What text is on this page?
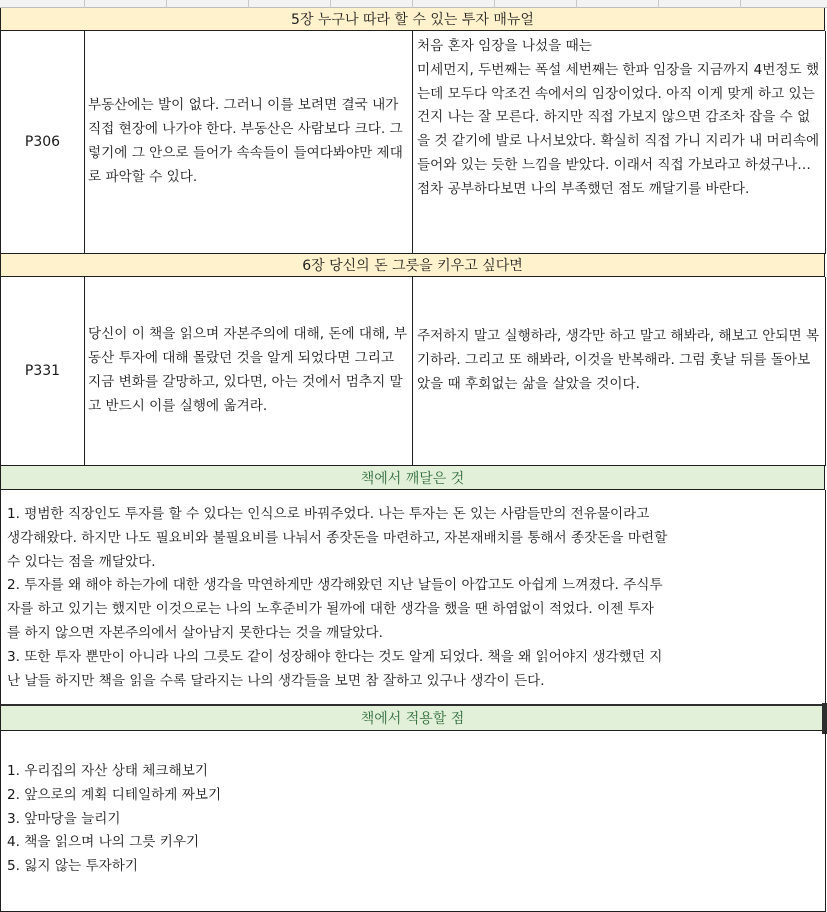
5장 누구나 따라 할 수 있는 투자 매뉴얼
P306
부동산에는 발이 없다. 그러니 이를 보려면 결국 내가 직접 현장에 나가야 한다. 부동산은 사람보다 크다. 그렇기에 그 안으로 들어가 속속들이 들여다봐야만 제대로 파악할 수 있다.
처음 혼자 임장을 나섰을 때는
미세먼지, 두번째는 폭설 세번째는 한파 임장을 지금까지 4번정도 했는데 모두다 악조건 속에서의 임장이었다. 아직 이게 맞게 하고 있는건지 나는 잘 모른다. 하지만 직접 가보지 않으면 감조차 잡을 수 없을 것 같기에 발로 나서보았다. 확실히 직접 가니 지리가 내 머리속에 들어와 있는 듯한 느낌을 받았다. 이래서 직접 가보라고 하셨구나…점차 공부하다보면 나의 부족했던 점도 깨달기를 바란다.
6장 당신의 돈 그릇을 키우고 싶다면
P331
당신이 이 책을 읽으며 자본주의에 대해, 돈에 대해, 부동산 투자에 대해 몰랐던 것을 알게 되었다면 그리고 지금 변화를 갈망하고, 있다면, 아는 것에서 멈추지 말고 반드시 이를 실행에 옮겨라.
주저하지 말고 실행하라, 생각만 하고 말고 해봐라, 해보고 안되면 복기하라. 그리고 또 해봐라, 이것을 반복해라. 그럼 훗날 뒤를 돌아보았을 때 후회없는 삶을 살았을 것이다.
책에서 깨달은 것
1. 평범한 직장인도 투자를 할 수 있다는 인식으로 바꿔주었다. 나는 투자는 돈 있는 사람들만의 전유물이라고
생각해왔다. 하지만 나도 필요비와 불필요비를 나눠서 종잣돈을 마련하고, 자본재배치를 통해서 종잣돈을 마련할
수 있다는 점을 깨달았다.
2. 투자를 왜 해야 하는가에 대한 생각을 막연하게만 생각해왔던 지난 날들이 아깝고도 아쉽게 느껴졌다. 주식투
자를 하고 있기는 했지만 이것으로는 나의 노후준비가 될까에 대한 생각을 했을 땐 하염없이 적었다. 이젠 투자
를 하지 않으면 자본주의에서 살아남지 못한다는 것을 깨달았다.
3. 또한 투자 뿐만이 아니라 나의 그릇도 같이 성장해야 한다는 것도 알게 되었다. 책을 왜 읽어야지 생각했던 지
난 날들 하지만 책을 읽을 수록 달라지는 나의 생각들을 보면 참 잘하고 있구나 생각이 든다.
책에서 적용할 점
1. 우리집의 자산 상태 체크해보기
2. 앞으로의 계획 디테일하게 짜보기
3. 앞마당을 늘리기
4. 책을 읽으며 나의 그릇 키우기
5. 잃지 않는 투자하기
